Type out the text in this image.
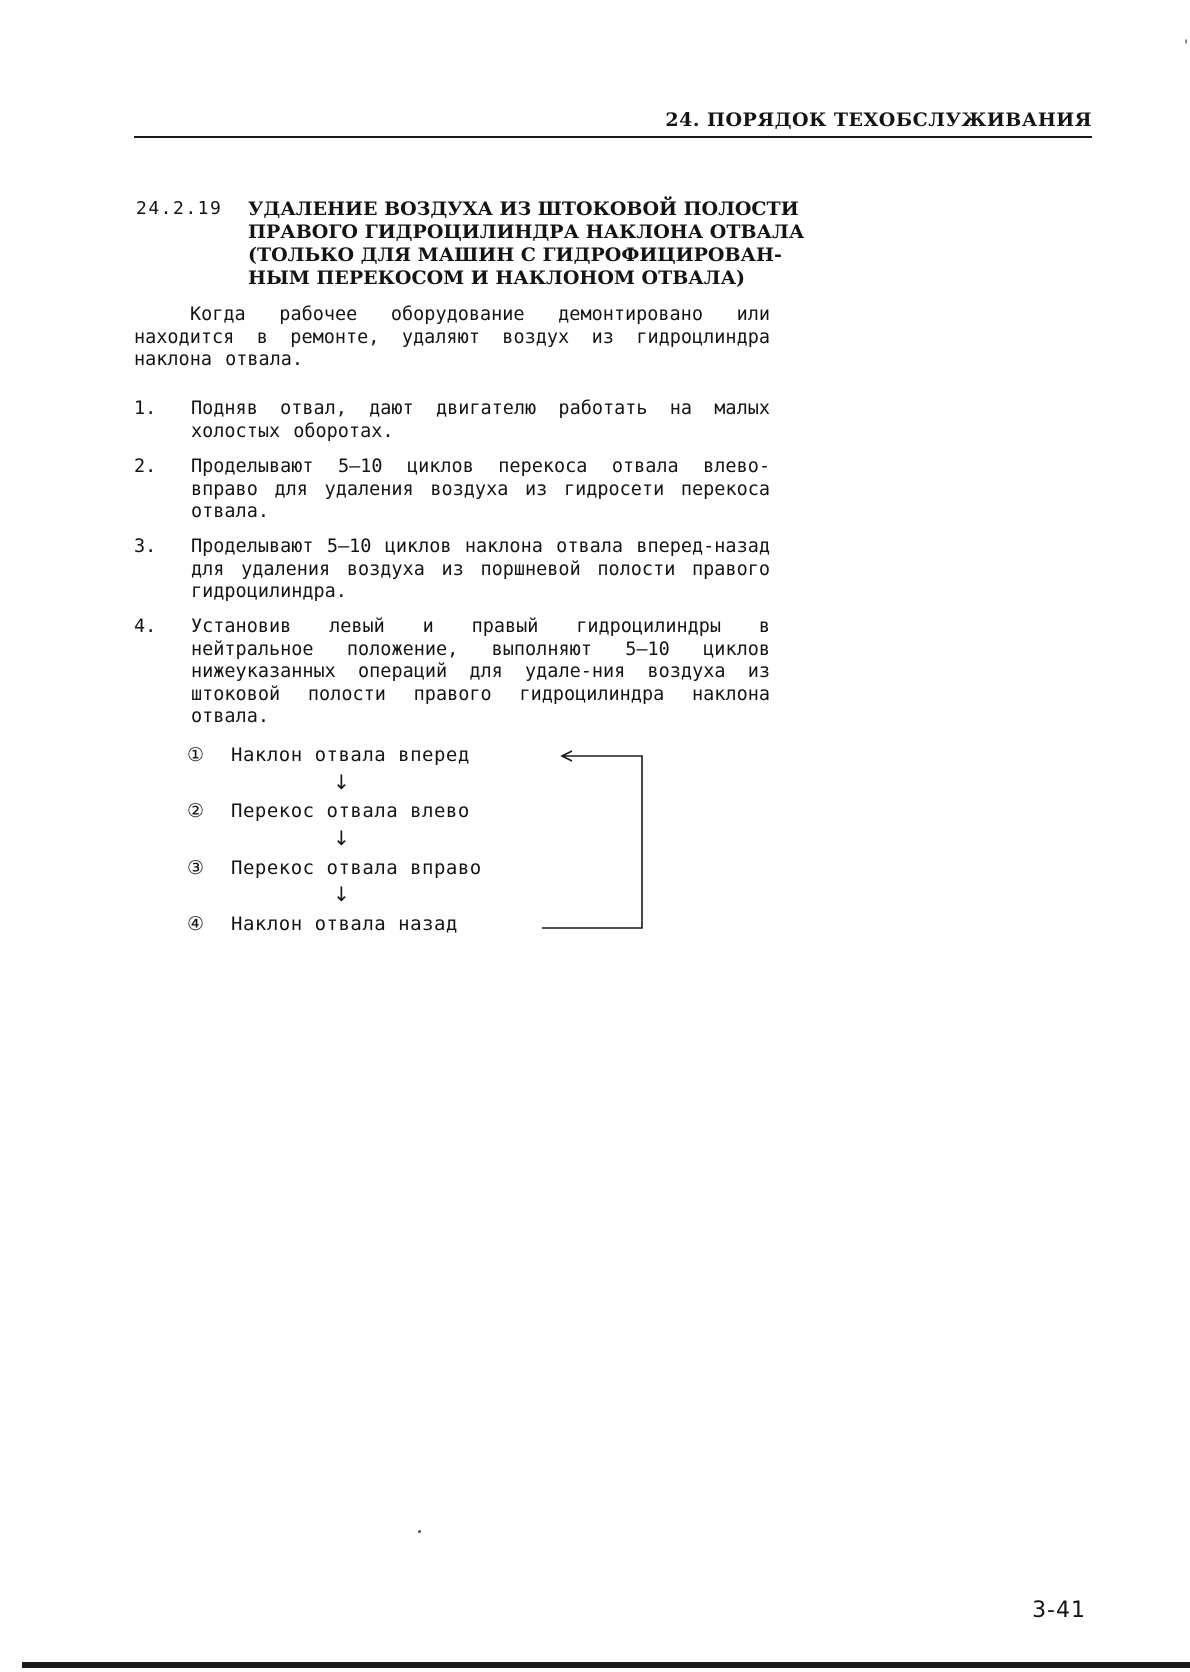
'
24. ПОРЯДОК ТЕХОБСЛУЖИВАНИЯ
24.2.19 УДАЛЕНИЕ ВОЗДУХА ИЗ ШТОКОВОЙ ПОЛОСТИ
ПРАВОГО ГИДРОЦИЛИНДРА НАКЛОНА ОТВАЛА
(ТОЛЬКО ДЛЯ МАШИН С ГИДРОФИЦИРОВАН-
НЫМ ПЕРЕКОСОМ И НАКЛОНОМ ОТВАЛА)
Когда рабочее оборудование демонтировано или находится в ремонте, удаляют воздух из гидроцлиндра наклона отвала.
1. Подняв отвал, дают двигателю работать на малых холостых оборотах.
2. Проделывают 5—10 циклов перекоса отвала влево-вправо для удаления воздуха из гидросети перекоса отвала.
3. Проделывают 5—10 циклов наклона отвала вперед-назад для удаления воздуха из поршневой полости правого гидроцилиндра.
4. Установив левый и правый гидроцилиндры в нейтральное положение, выполняют 5—10 циклов нижеуказанных операций для удале-ния воздуха из штоковой полости правого гидроцилиндра наклона отвала.
① Наклон отвала вперед
↓
② Перекос отвала влево
↓
③ Перекос отвала вправо
↓
④ Наклон отвала назад
3-41
